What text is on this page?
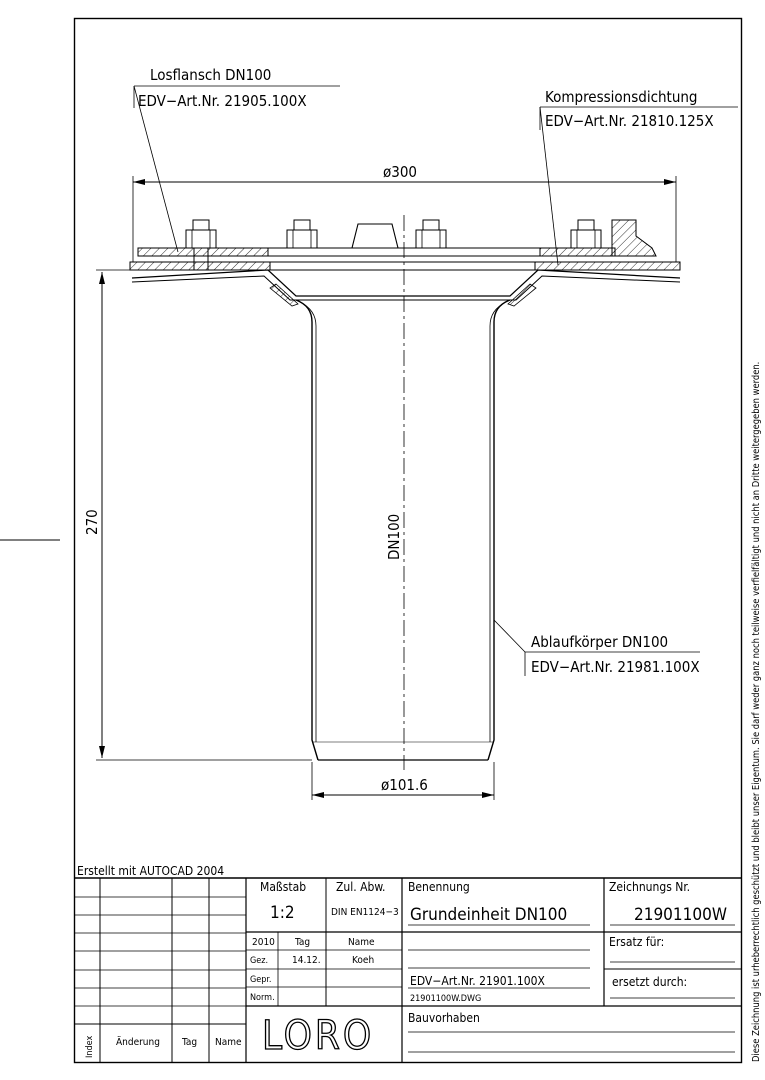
Diese Zeichnung ist urheberrechtlich geschützt und bleibt unser Eigentum. Sie darf weder ganz noch teilweise verfielfältigt und nicht an Dritte weitergegeben werden.
ø300
270	DN100
ø101.6
Losflansch DN100
EDV−Art.Nr. 21905.100X	Kompressionsdichtung
EDV−Art.Nr. 21810.125X
Ablaufkörper DN100
EDV−Art.Nr. 21981.100X
Erstellt mit AUTOCAD 2004
Maßstab
1:2
Zul. Abw.
DIN EN1124−3
Benennung
Grundeinheit DN100
Zeichnungs Nr.
21901100W
2010 Tag	Name
Gez. 14.12.	Koeh
Gepr.
Norm.
EDV−Art.Nr. 21901.100X
21901100W.DWG
Ersatz für:
ersetzt durch:
Bauvorhaben
Index Änderung Tag Name LORO
